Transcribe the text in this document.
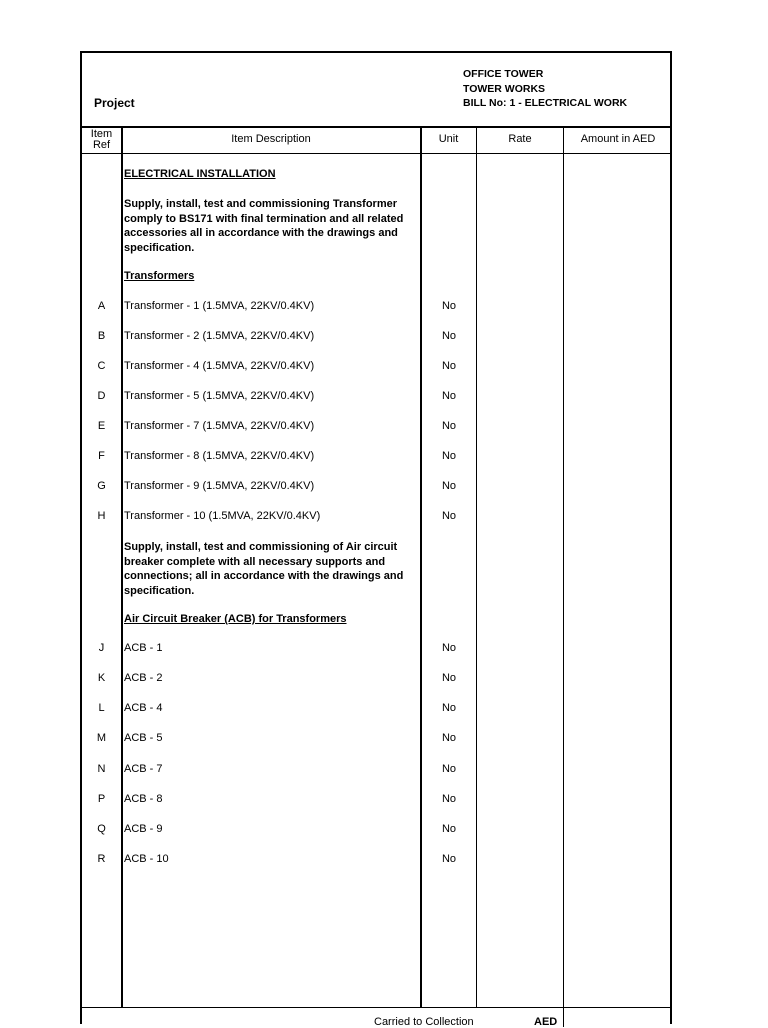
Project
OFFICE TOWER
TOWER WORKS
BILL No: 1 - ELECTRICAL WORK
Item
Ref	Item Description	Unit	Rate	Amount in AED
ELECTRICAL INSTALLATION
Supply, install, test and commissioning Transformer comply to BS171 with final termination and all related accessories all in accordance with the drawings and specification.
Transformers
A	Transformer - 1 (1.5MVA, 22KV/0.4KV)	No
B	Transformer - 2 (1.5MVA, 22KV/0.4KV)	No
C	Transformer - 4 (1.5MVA, 22KV/0.4KV)	No
D	Transformer - 5 (1.5MVA, 22KV/0.4KV)	No
E	Transformer - 7 (1.5MVA, 22KV/0.4KV)	No
F	Transformer - 8 (1.5MVA, 22KV/0.4KV)	No
G	Transformer - 9 (1.5MVA, 22KV/0.4KV)	No
H	Transformer - 10 (1.5MVA, 22KV/0.4KV)	No
Supply, install, test and commissioning of Air circuit breaker complete with all necessary supports and connections; all in accordance with the drawings and specification.
Air Circuit Breaker (ACB) for Transformers
J	ACB - 1	No
K	ACB - 2	No
L	ACB - 4	No
M	ACB - 5	No
N	ACB - 7	No
P	ACB - 8	No
Q	ACB - 9	No
R	ACB - 10	No
Carried to Collection	AED
